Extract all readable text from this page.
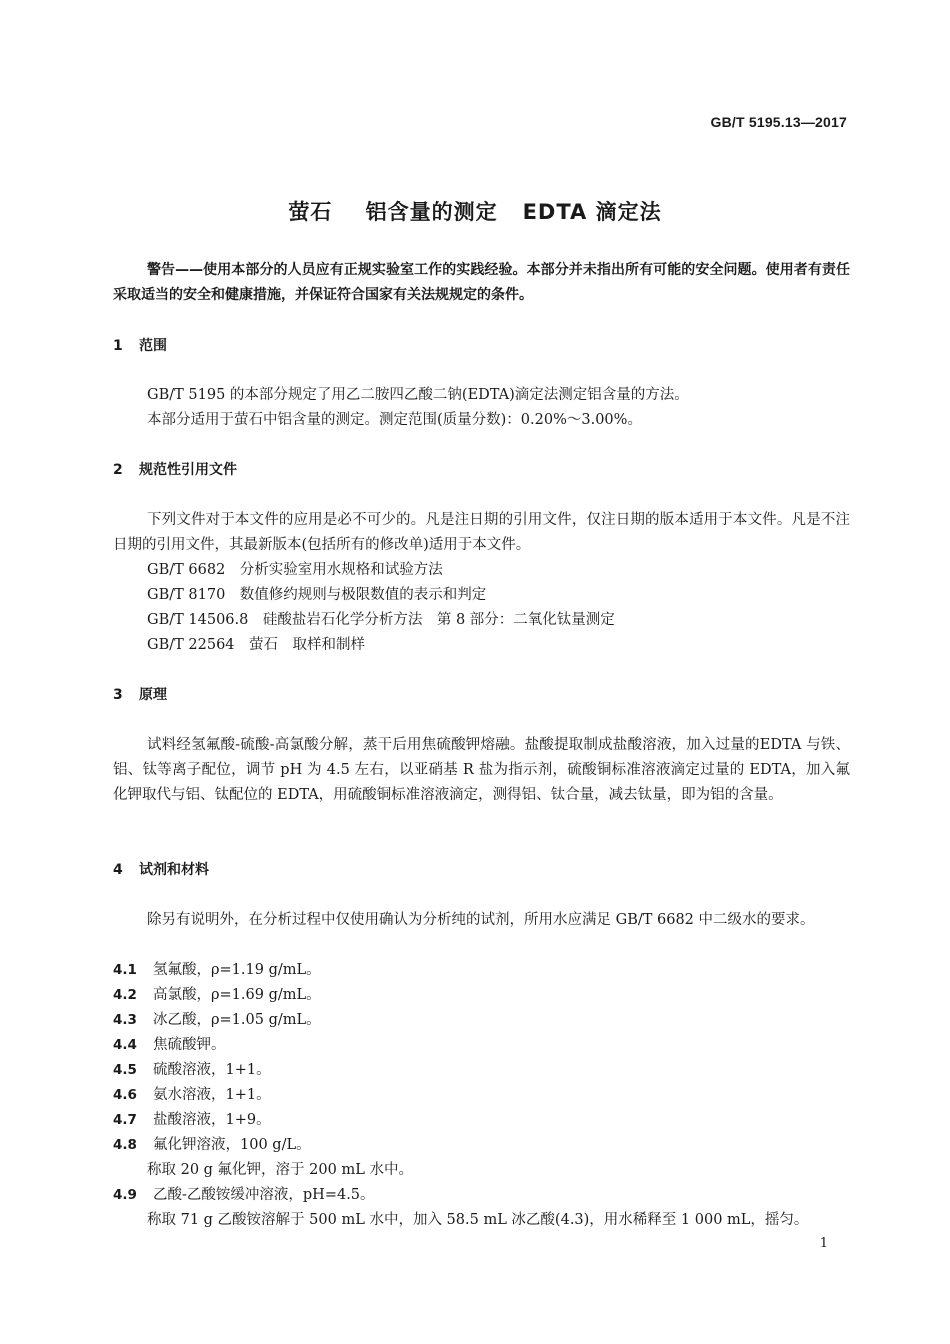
GB/T 5195.13—2017
萤石 铝含量的测定 EDTA 滴定法
警告——使用本部分的人员应有正规实验室工作的实践经验。本部分并未指出所有可能的安全问题。使用者有责任采取适当的安全和健康措施，并保证符合国家有关法规规定的条件。
1 范围
GB/T 5195 的本部分规定了用乙二胺四乙酸二钠(EDTA)滴定法测定铝含量的方法。
本部分适用于萤石中铝含量的测定。测定范围(质量分数)：0.20%～3.00%。
2 规范性引用文件
下列文件对于本文件的应用是必不可少的。凡是注日期的引用文件，仅注日期的版本适用于本文件。凡是不注日期的引用文件，其最新版本(包括所有的修改单)适用于本文件。
GB/T 6682　分析实验室用水规格和试验方法
GB/T 8170　数值修约规则与极限数值的表示和判定
GB/T 14506.8　硅酸盐岩石化学分析方法　第 8 部分：二氧化钛量测定
GB/T 22564　萤石　取样和制样
3 原理
试料经氢氟酸-硫酸-高氯酸分解，蒸干后用焦硫酸钾熔融。盐酸提取制成盐酸溶液，加入过量的EDTA 与铁、铝、钛等离子配位，调节 pH 为 4.5 左右，以亚硝基 R 盐为指示剂，硫酸铜标准溶液滴定过量的 EDTA，加入氟化钾取代与铝、钛配位的 EDTA，用硫酸铜标准溶液滴定，测得铝、钛合量，减去钛量，即为铝的含量。
4 试剂和材料
除另有说明外，在分析过程中仅使用确认为分析纯的试剂，所用水应满足 GB/T 6682 中二级水的要求。
4.1 氢氟酸，ρ=1.19 g/mL。
4.2 高氯酸，ρ=1.69 g/mL。
4.3 冰乙酸，ρ=1.05 g/mL。
4.4 焦硫酸钾。
4.5 硫酸溶液，1+1。
4.6 氨水溶液，1+1。
4.7 盐酸溶液，1+9。
4.8 氟化钾溶液，100 g/L。
称取 20 g 氟化钾，溶于 200 mL 水中。
4.9 乙酸-乙酸铵缓冲溶液，pH=4.5。
称取 71 g 乙酸铵溶解于 500 mL 水中，加入 58.5 mL 冰乙酸(4.3)，用水稀释至 1 000 mL，摇匀。
1
